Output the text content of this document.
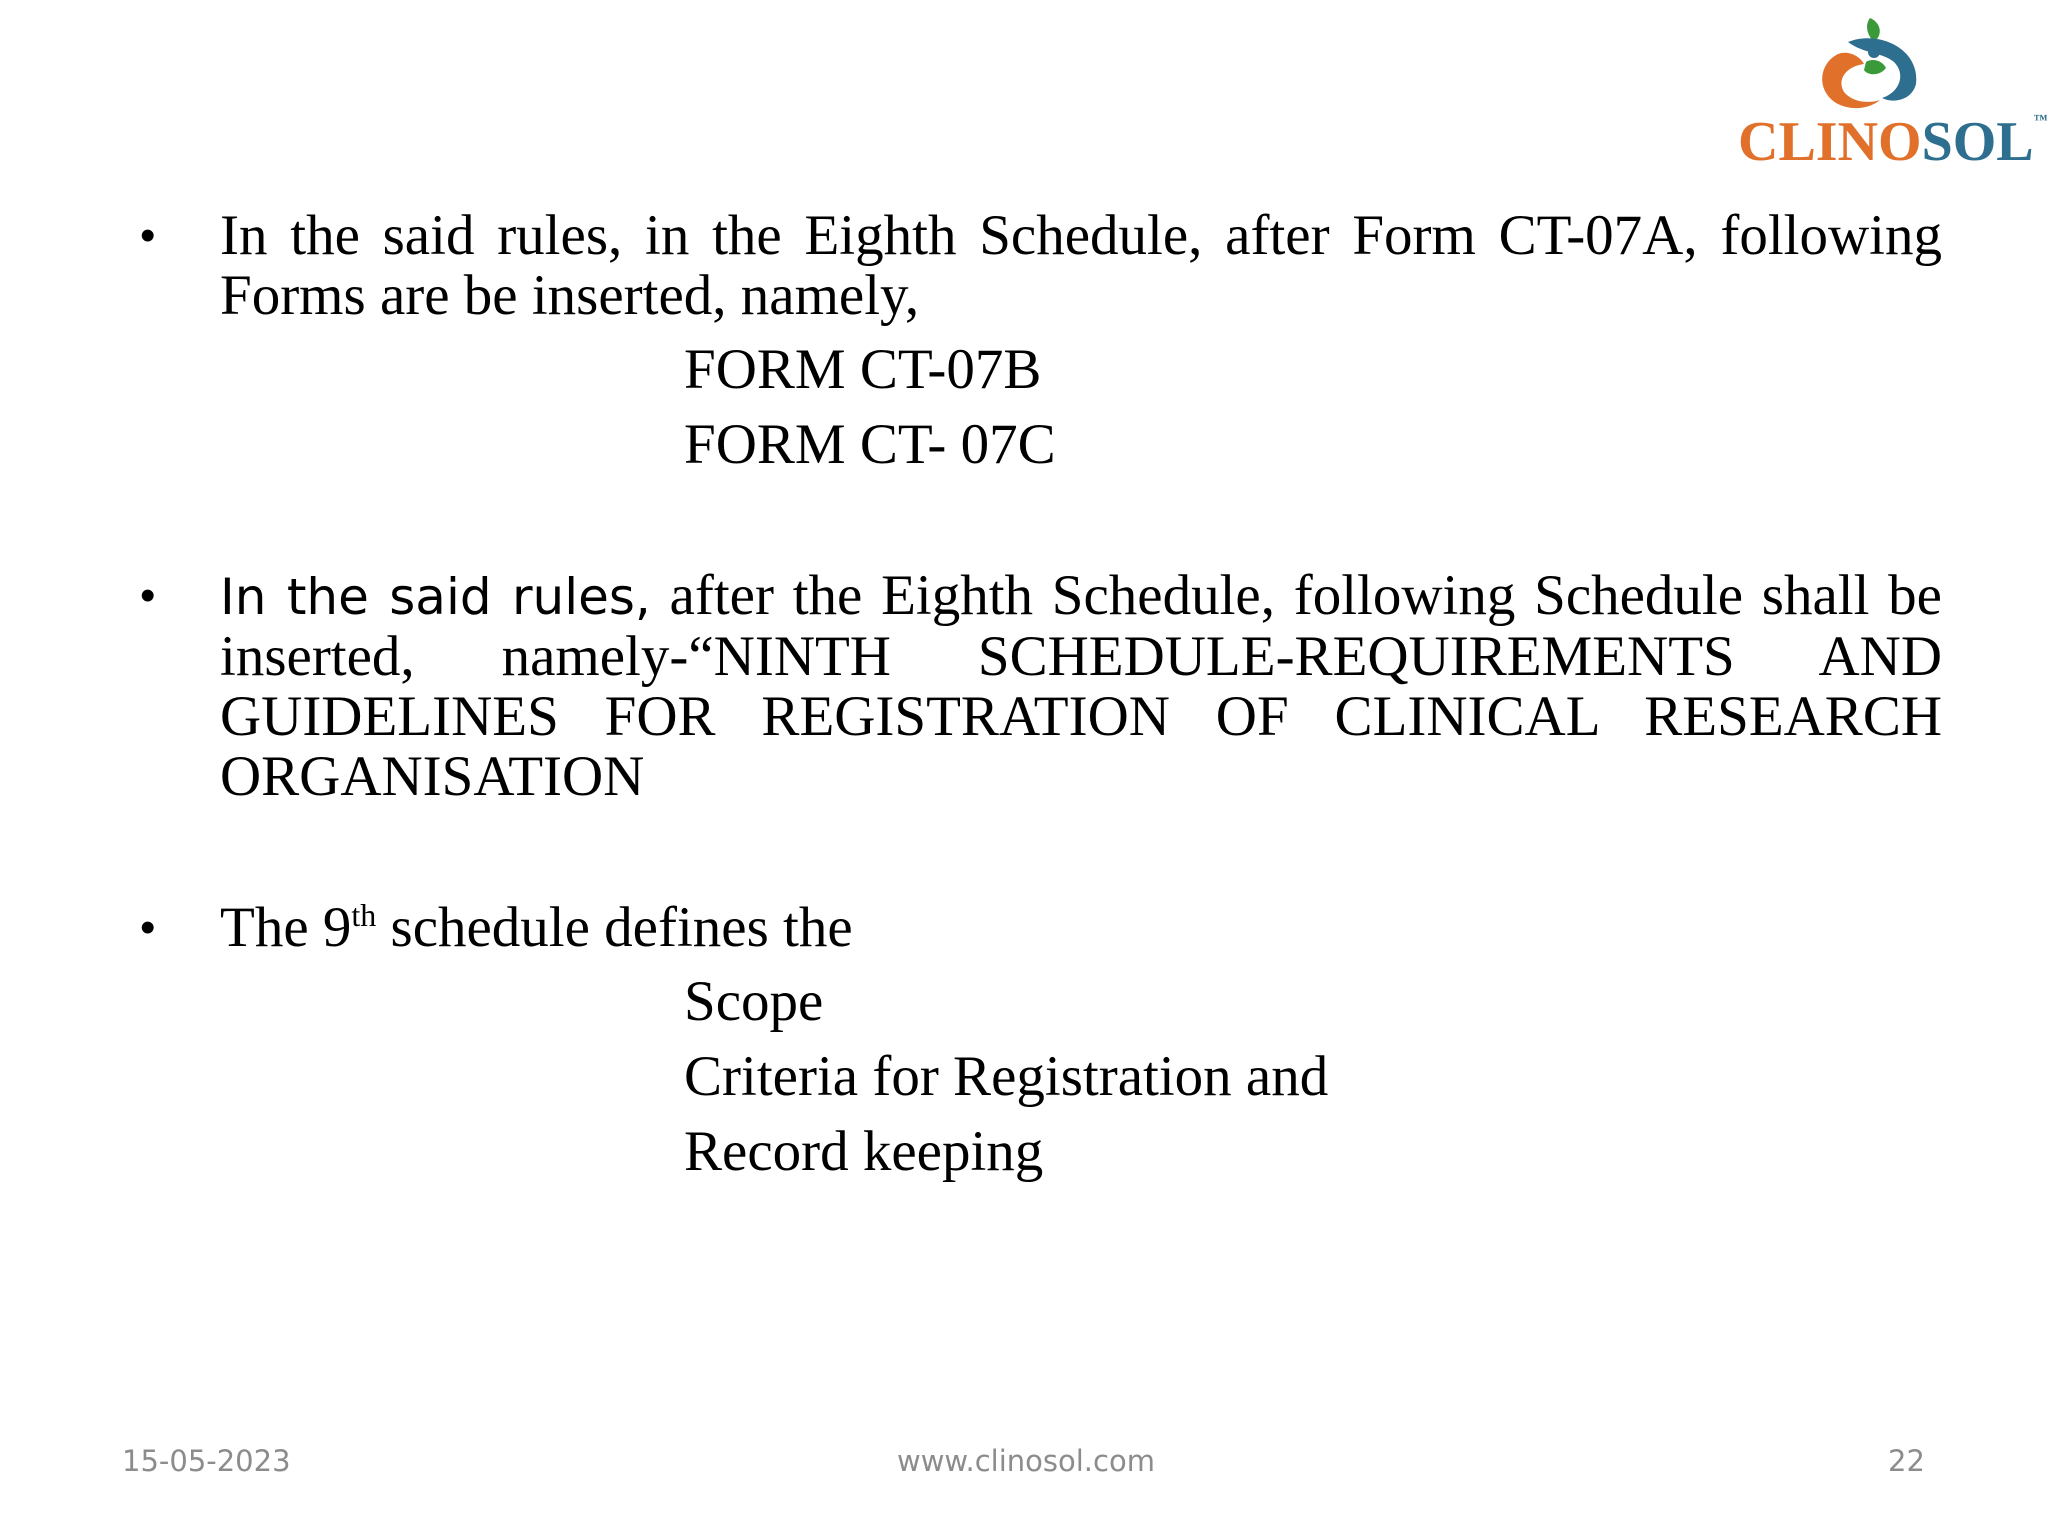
CLINOSOL™
• In the said rules, in the Eighth Schedule, after Form CT-07A, following Forms are be inserted, namely,
FORM CT-07B
FORM CT- 07C
• In the said rules, after the Eighth Schedule, following Schedule shall be inserted, namely-“NINTH SCHEDULE-REQUIREMENTS AND GUIDELINES FOR REGISTRATION OF CLINICAL RESEARCH ORGANISATION
• The 9th schedule defines the
Scope
Criteria for Registration and
Record keeping
15-05-2023	www.clinosol.com	22
